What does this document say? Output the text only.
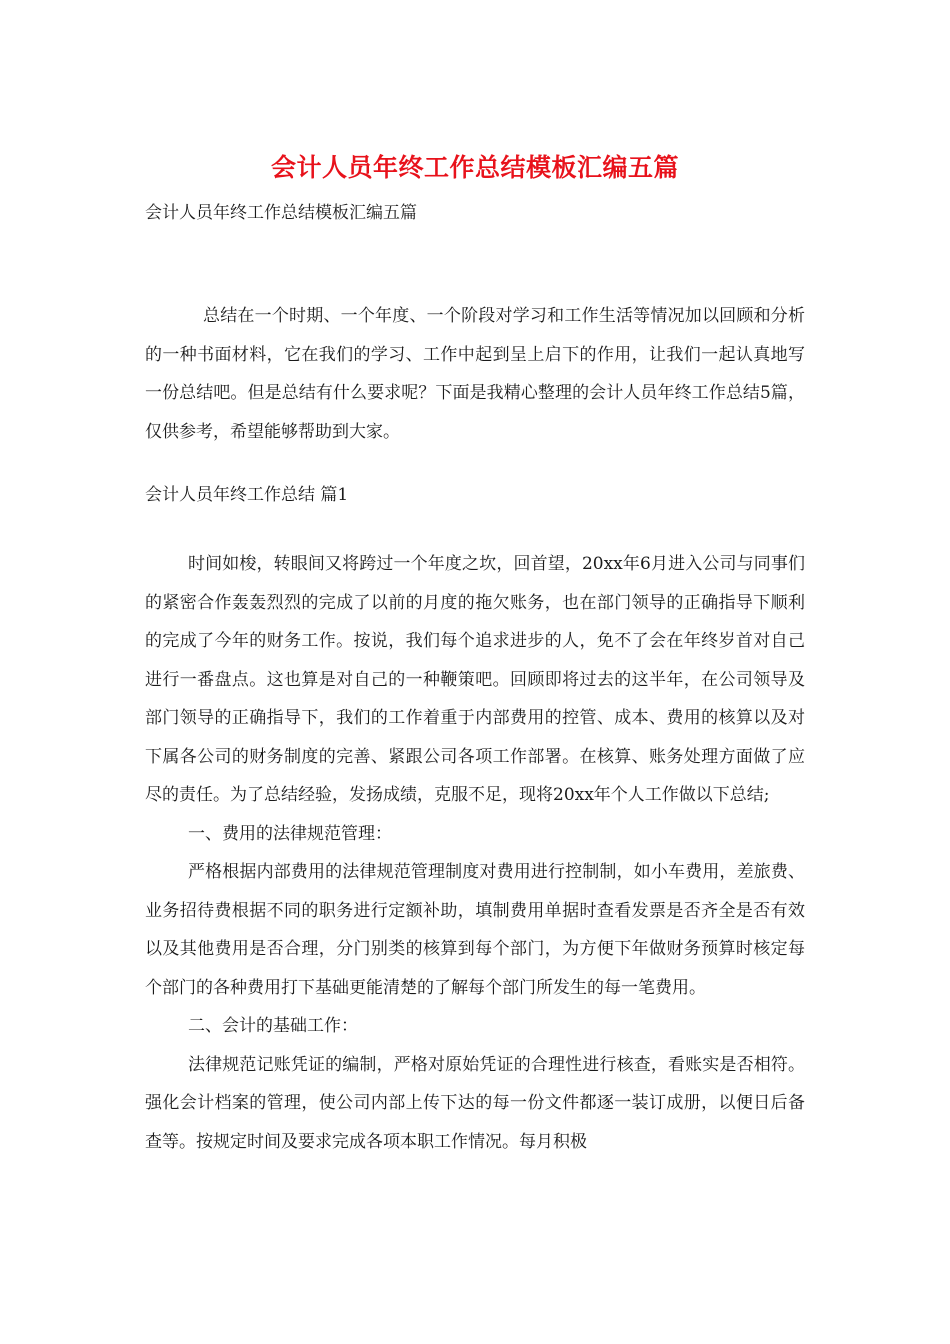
会计人员年终工作总结模板汇编五篇
会计人员年终工作总结模板汇编五篇

总结在一个时期、一个年度、一个阶段对学习和工作生活等情况加以回顾和分析的一种书面材料，它在我们的学习、工作中起到呈上启下的作用，让我们一起认真地写一份总结吧。但是总结有什么要求呢？下面是我精心整理的会计人员年终工作总结5篇，仅供参考，希望能够帮助到大家。

会计人员年终工作总结 篇1

时间如梭，转眼间又将跨过一个年度之坎，回首望，20xx年6月进入公司与同事们的紧密合作轰轰烈烈的完成了以前的月度的拖欠账务，也在部门领导的正确指导下顺利的完成了今年的财务工作。按说，我们每个追求进步的人，免不了会在年终岁首对自己进行一番盘点。这也算是对自己的一种鞭策吧。回顾即将过去的这半年，在公司领导及部门领导的正确指导下，我们的工作着重于内部费用的控管、成本、费用的核算以及对下属各公司的财务制度的完善、紧跟公司各项工作部署。在核算、账务处理方面做了应尽的责任。为了总结经验，发扬成绩，克服不足，现将20xx年个人工作做以下总结;

一、费用的法律规范管理：

严格根据内部费用的法律规范管理制度对费用进行控制制，如小车费用，差旅费、业务招待费根据不同的职务进行定额补助，填制费用单据时查看发票是否齐全是否有效以及其他费用是否合理，分门别类的核算到每个部门，为方便下年做财务预算时核定每个部门的各种费用打下基础更能清楚的了解每个部门所发生的每一笔费用。

二、会计的基础工作：

法律规范记账凭证的编制，严格对原始凭证的合理性进行核查，看账实是否相符。强化会计档案的管理，使公司内部上传下达的每一份文件都逐一装订成册，以便日后备查等。按规定时间及要求完成各项本职工作情况。每月积极
